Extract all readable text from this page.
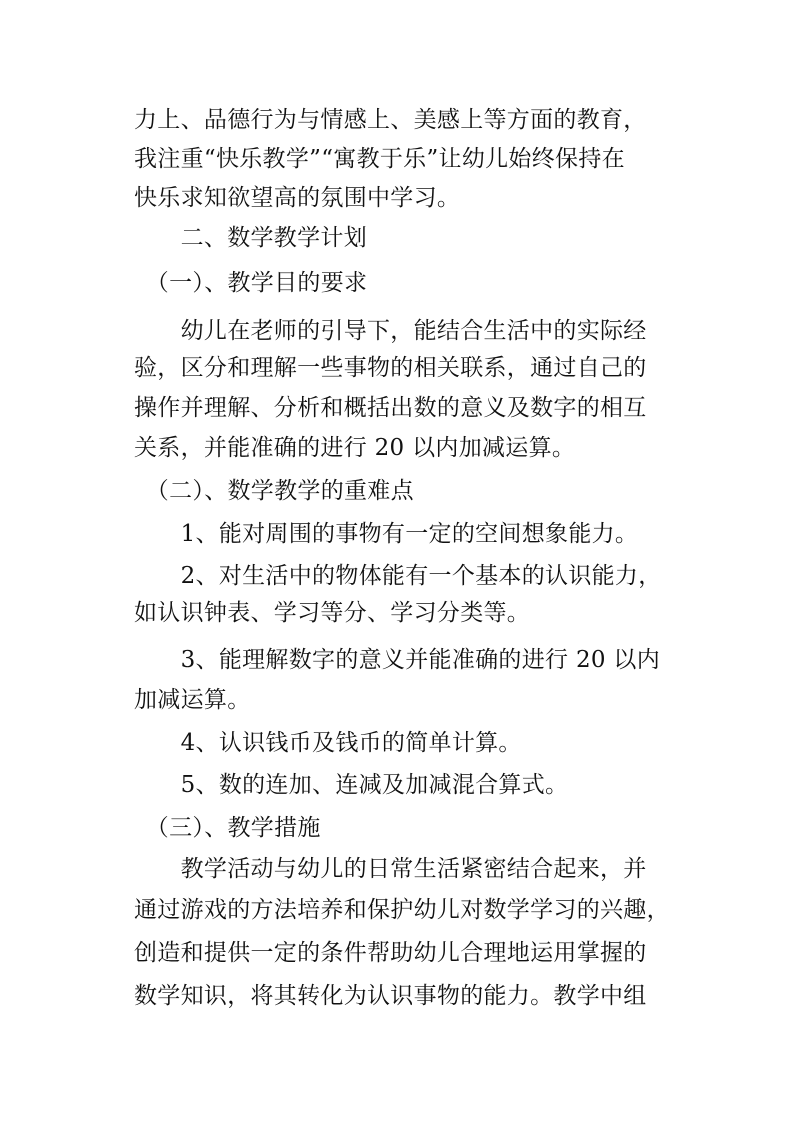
力上、品德行为与情感上、美感上等方面的教育，
我注重“快乐教学”“寓教于乐”让幼儿始终保持在
快乐求知欲望高的氛围中学习。
　　二、数学教学计划
　（一）、教学目的要求
　　幼儿在老师的引导下，能结合生活中的实际经
验，区分和理解一些事物的相关联系，通过自己的
操作并理解、分析和概括出数的意义及数字的相互
关系，并能准确的进行 20 以内加减运算。
　（二）、数学教学的重难点
　　1、能对周围的事物有一定的空间想象能力。
　　2、对生活中的物体能有一个基本的认识能力，
如认识钟表、学习等分、学习分类等。
　　3、能理解数字的意义并能准确的进行 20 以内
加减运算。
　　4、认识钱币及钱币的简单计算。
　　5、数的连加、连减及加减混合算式。
　（三）、教学措施
　　教学活动与幼儿的日常生活紧密结合起来，并
通过游戏的方法培养和保护幼儿对数学学习的兴趣，
创造和提供一定的条件帮助幼儿合理地运用掌握的
数学知识，将其转化为认识事物的能力。教学中组
